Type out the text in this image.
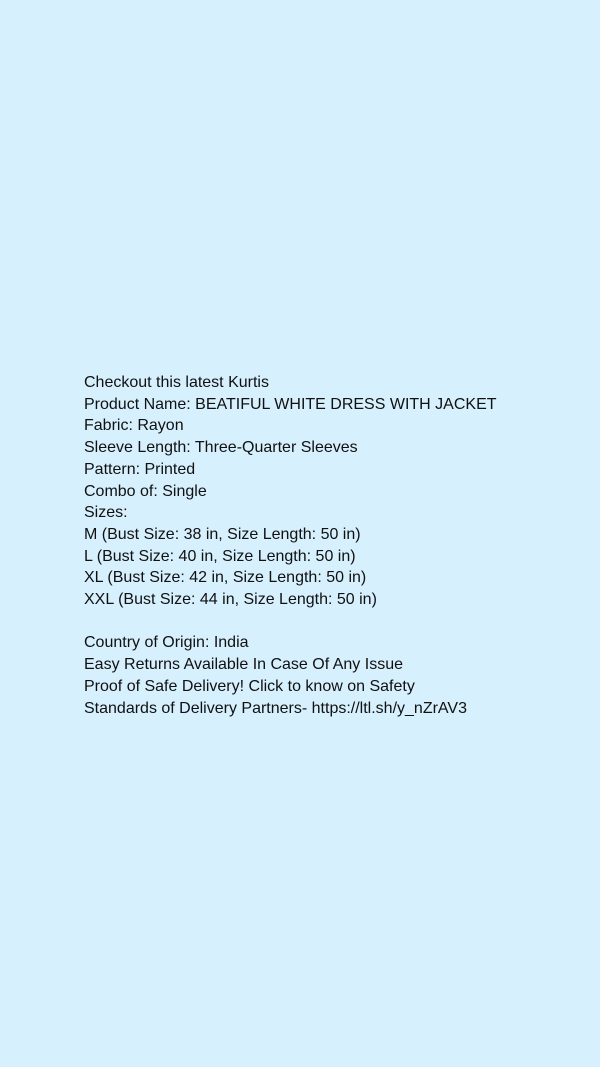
Checkout this latest Kurtis
Product Name: BEATIFUL WHITE DRESS WITH JACKET
Fabric: Rayon
Sleeve Length: Three-Quarter Sleeves
Pattern: Printed
Combo of: Single
Sizes:
M (Bust Size: 38 in, Size Length: 50 in)
L (Bust Size: 40 in, Size Length: 50 in)
XL (Bust Size: 42 in, Size Length: 50 in)
XXL (Bust Size: 44 in, Size Length: 50 in)
Country of Origin: India
Easy Returns Available In Case Of Any Issue
Proof of Safe Delivery! Click to know on Safety
Standards of Delivery Partners- https://ltl.sh/y_nZrAV3
